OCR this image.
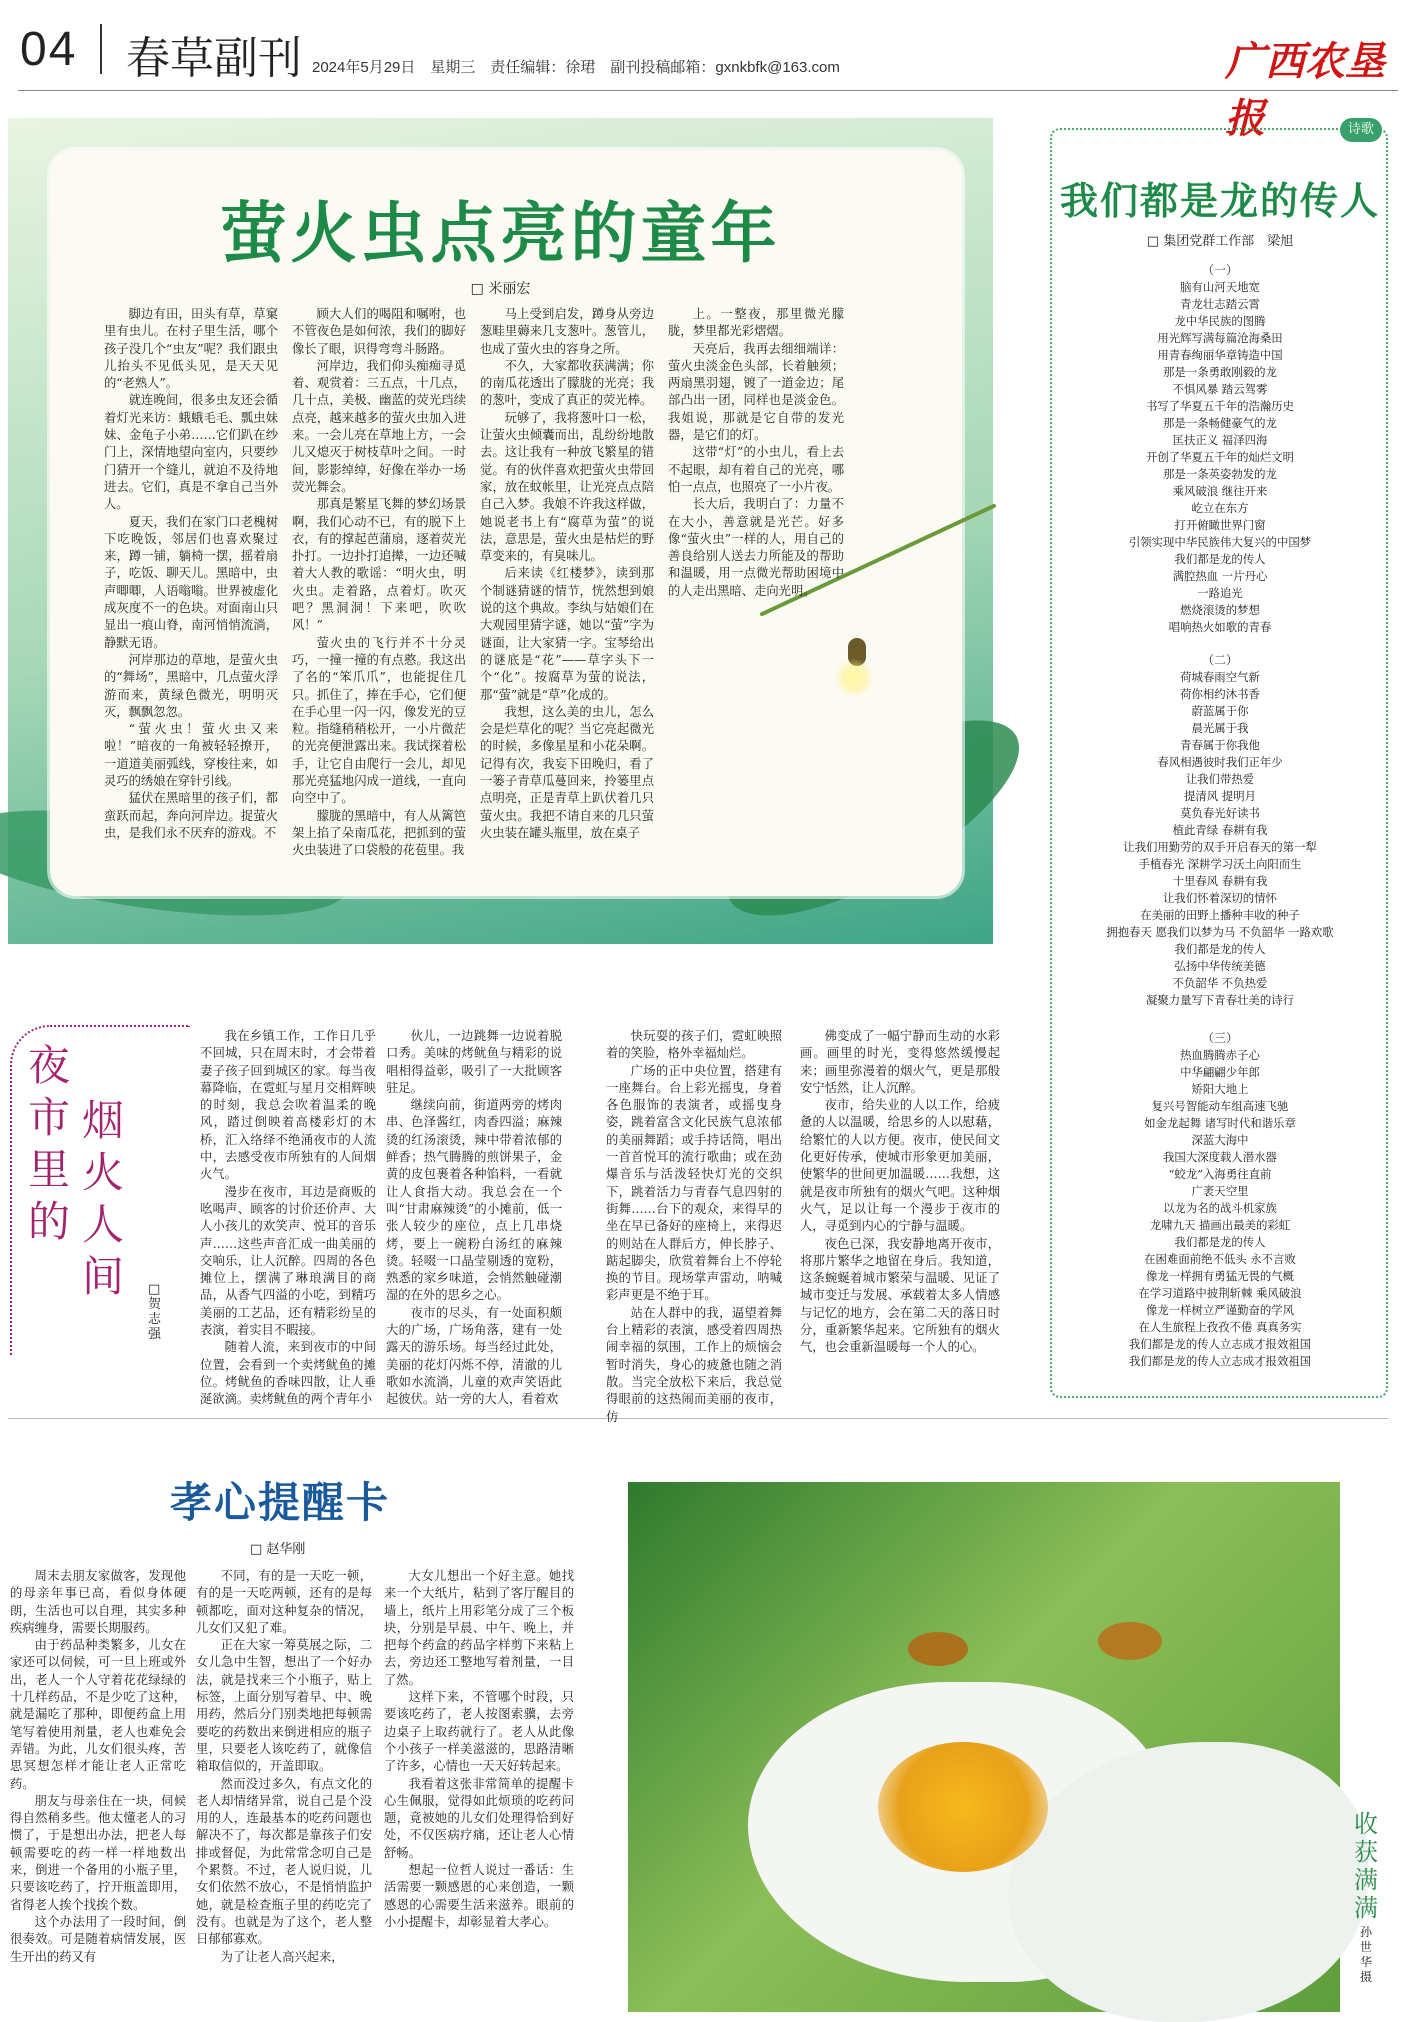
04 春草副刊 2024年5月29日　星期三　责任编辑：徐珺　副刊投稿邮箱：gxnkbfk@163.com	广西农垦报
萤火虫点亮的童年
□ 米丽宏

脚边有田，田头有草，草窠里有虫儿。在村子里生活，哪个孩子没几个“虫友”呢？我们跟虫儿抬头不见低头见，是天天见的“老熟人”。

就连晚间，很多虫友还会循着灯光来访：蛾蛾毛毛、瓢虫妹妹、金龟子小弟……它们趴在纱门上，深情地望向室内，只要纱门猜开一个缝儿，就迫不及待地进去。它们，真是不拿自己当外人。

夏天，我们在家门口老槐树下吃晚饭，邻居们也喜欢聚过来，蹲一铺，躺椅一摆，摇着扇子，吃饭、聊天儿。黑暗中，虫声唧唧，人语嗡嗡。世界被虚化成灰度不一的色块。对面南山只显出一痕山脊，南河悄悄流淌，静默无语。

河岸那边的草地，是萤火虫的“舞场”，黑暗中，几点萤火浮游而来，黄绿色微光，明明灭灭，飘飘忽忽。

“萤火虫！萤火虫又来啦！”暗夜的一角被轻轻撩开，一道道美丽弧线，穿梭往来，如灵巧的绣娘在穿针引线。

猛伏在黑暗里的孩子们，都蛮跃而起，奔向河岸边。捉萤火虫，是我们永不厌弃的游戏。不

顾大人们的喝阻和嘱咐，也不管夜色是如何浓，我们的脚好像长了眼，识得弯弯斗肠路。

河岸边，我们仰头痴痴寻觅着、观赏着：三五点，十几点，几十点，美极、幽蓝的荧光珰续点亮，越来越多的萤火虫加入进来。一会儿亮在草地上方，一会儿又熄灭于树枝草叶之间。一时间，影影绰绰，好像在举办一场荧光舞会。

那真是繁星飞舞的梦幻场景啊，我们心动不已，有的脱下上衣，有的撑起芭蒲扇，逐着荧光扑打。一边扑打追撵，一边还喊着大人教的歌谣：“明火虫，明火虫。走着路，点着灯。吹灭吧？黑洞洞！下来吧，吹吹风！”

萤火虫的飞行并不十分灵巧，一撞一撞的有点憨。我这出了名的“笨爪爪”，也能捉住几只。抓住了，捧在手心，它们便在手心里一闪一闪，像发光的豆粒。指缝稍稍松开，一小片微茫的光亮便泄露出来。我试探着松手，让它自由爬行一会儿，却见那光亮猛地闪成一道线，一直向向空中了。

朦胧的黑暗中，有人从篱笆架上掐了朵南瓜花，把抓到的萤火虫装进了口袋般的花苞里。我

马上受到启发，蹲身从旁边葱畦里薅来几支葱叶。葱管儿，也成了萤火虫的容身之所。

不久，大家都收获满满；你的南瓜花透出了朦胧的光亮；我的葱叶，变成了真正的荧光棒。

玩够了，我将葱叶口一松，让萤火虫倾囊而出，乱纷纷地散去。这让我有一种放飞繁星的错觉。有的伙伴喜欢把萤火虫带回家，放在蚊帐里，让光亮点点陪自己入梦。我娘不许我这样做，她说老书上有“腐草为萤”的说法，意思是，萤火虫是枯烂的野草变来的，有臭味儿。

后来读《红楼梦》，读到那个制谜猜谜的情节，恍然想到娘说的这个典故。李纨与姑娘们在大观园里猜字谜，她以“萤”字为谜面，让大家猜一字。宝琴给出的谜底是“花”——草字头下一个“化”。按腐草为萤的说法，那“萤”就是“草”化成的。

我想，这么美的虫儿，怎么会是烂草化的呢？当它亮起微光的时候，多像星星和小花朵啊。记得有次，我妄下田晚归，看了一篓子青草瓜蔓回来，拎篓里点点明亮，正是青草上趴伏着几只萤火虫。我把不请自来的几只萤火虫装在罐头瓶里，放在桌子

上。一整夜，那里微光朦胧，梦里都光彩熠熠。

天亮后，我再去细细端详：萤火虫淡金色头部，长着触须；两扇黑羽翅，镀了一道金边；尾部凸出一团，同样也是淡金色。我姐说，那就是它自带的发光器，是它们的灯。

这带“灯”的小虫儿，看上去不起眼，却有着自己的光亮，哪怕一点点，也照亮了一小片夜。

长大后，我明白了：力量不在大小，善意就是光芒。好多像“萤火虫”一样的人，用自己的善良给别人送去力所能及的帮助和温暖，用一点微光帮助困境中的人走出黑暗、走向光明。

诗歌
我们都是龙的传人
□ 集团党群工作部　梁旭
（一）
脑有山河天地宽
青龙壮志踏云霄
龙中华民族的图腾
用光辉写满每篇沧海桑田
用青春绚丽华章铸造中国
那是一条勇敢刚毅的龙
不惧风暴 踏云驾雾
书写了华夏五千年的浩瀚历史
那是一条畅健豪气的龙
匡扶正义 福泽四海
开创了华夏五千年的灿烂文明
那是一条英姿勃发的龙
乘风破浪 继往开来
屹立在东方
打开俯瞰世界门窗
引领实现中华民族伟大复兴的中国梦
我们都是龙的传人
满腔热血 一片丹心
一路追光
燃烧滚烫的梦想
唱响热火如歌的青春
（二）
荷城春雨空气新
荷你相约沐书香
蔚蓝属于你
晨光属于我
青春属于你我他
春风相遇彼时我们正年少
让我们带热爱
提清风 提明月
莫负春光好读书
植此青绿 春耕有我
让我们用勤劳的双手开启春天的第一犁
手植春光 深耕学习沃土向阳而生
十里春风 春耕有我
让我们怀着深切的情怀
在美丽的田野上播种丰收的种子
拥抱春天 愿我们以梦为马 不负韶华 一路欢歌
我们都是龙的传人
弘扬中华传统美德
不负韶华 不负热爱
凝聚力量写下青春壮美的诗行
（三）
热血腾腾赤子心
中华翩翩少年郎
矫阳大地上
复兴号智能动车组高速飞驰
如金龙起舞 诸写时代和谐乐章
深蓝大海中
我国大深度载人潜水器
“蛟龙”入海勇往直前
广袤天空里
以龙为名的战斗机家族
龙啸九天 描画出最美的彩虹
我们都是龙的传人
在困难面前绝不低头 永不言败
像龙一样拥有勇猛无畏的气概
在学习道路中披荆斩棘 乘风破浪
像龙一样树立严谨勤奋的学风
在人生旅程上孜孜不倦 真真务实
我们都是龙的传人立志成才报效祖国
我们都是龙的传人立志成才报效祖国
夜市里的
烟火人间 □ 贺志强

我在乡镇工作，工作日几乎不回城，只在周末时，才会带着妻子孩子回到城区的家。每当夜幕降临，在霓虹与星月交相辉映的时刻，我总会吹着温柔的晚风，踏过倒映着高楼彩灯的木桥，汇入络绎不绝涌夜市的人流中，去感受夜市所独有的人间烟火气。

漫步在夜市，耳边是商贩的吆喝声、顾客的讨价还价声、大人小孩儿的欢笑声、悦耳的音乐声……这些声音汇成一曲美丽的交响乐，让人沉醉。四周的各色摊位上，摆满了琳琅满目的商品，从香气四溢的小吃，到精巧美丽的工艺品，还有精彩纷呈的表演，着实目不暇接。

随着人流，来到夜市的中间位置，会看到一个卖烤鱿鱼的摊位。烤鱿鱼的香味四散，让人垂涎欲滴。卖烤鱿鱼的两个青年小

伙儿，一边跳舞一边说着脱口秀。美味的烤鱿鱼与精彩的说唱相得益彰，吸引了一大批顾客驻足。

继续向前，街道两旁的烤肉串、色泽酱红，肉香四溢；麻辣烫的红汤滚烫，辣中带着浓郁的鲜香；热气腾腾的煎饼果子，金黄的皮包裹着各种馅料，一看就让人食指大动。我总会在一个叫“甘肃麻辣烫”的小摊前，低一张人较少的座位，点上几串烧烤，要上一碗粉白汤红的麻辣烫。轻啜一口晶莹剔透的宽粉，熟悉的家乡味道，会悄然触碰潮湿的在外的思乡之心。

夜市的尽头，有一处面积颇大的广场，广场角落，建有一处露天的游乐场。每当经过此处，美丽的花灯闪烁不停，清澈的儿歌如水流淌，儿童的欢声笑语此起彼伏。站一旁的大人，看着欢

快玩耍的孩子们，霓虹映照着的笑脸，格外幸福灿烂。

广场的正中央位置，搭建有一座舞台。台上彩光摇曳，身着各色服饰的表演者，或摇曳身姿，跳着富含文化民族气息浓郁的美丽舞蹈；或手持话筒，唱出一首首悦耳的流行歌曲；或在劲爆音乐与活泼轻快灯光的交织下，跳着活力与青春气息四射的街舞……台下的观众，来得早的坐在早已备好的座椅上，来得迟的则站在人群后方，伸长脖子、踮起脚尖，欣赏着舞台上不停轮换的节目。现场掌声雷动，呐喊彩声更是不绝于耳。

站在人群中的我，逼望着舞台上精彩的表演，感受着四周热闹幸福的氛围，工作上的烦恼会暂时消失，身心的疲惫也随之消散。当完全放松下来后，我总觉得眼前的这热闹而美丽的夜市，仿

佛变成了一幅宁静而生动的水彩画。画里的时光，变得悠然缓慢起来；画里弥漫着的烟火气，更是那般安宁恬然，让人沉醉。

夜市，给失业的人以工作，给疲惫的人以温暖，给思乡的人以慰藉，给繁忙的人以方便。夜市，使民间文化更好传承，使城市形象更加美丽，使繁华的世间更加温暖……我想，这就是夜市所独有的烟火气吧。这种烟火气，足以让每一个漫步于夜市的人，寻觅到内心的宁静与温暖。

夜色已深，我安静地离开夜市，将那片繁华之地留在身后。我知道，这条蜿蜒着城市繁荣与温暖、见证了城市变迁与发展、承载着太多人情感与记忆的地方，会在第二天的落日时分，重新繁华起来。它所独有的烟火气，也会重新温暖每一个人的心。

孝心提醒卡
□ 赵华刚

周末去朋友家做客，发现他的母亲年事已高，看似身体硬朗，生活也可以自理，其实多种疾病缠身，需要长期服药。

由于药品种类繁多，儿女在家还可以伺候，可一旦上班或外出，老人一个人守着花花绿绿的十几样药品，不是少吃了这种，就是漏吃了那种，即便药盒上用笔写着使用剂量，老人也难免会弄错。为此，儿女们很头疼，苦思冥想怎样才能让老人正常吃药。

朋友与母亲住在一块，伺候得自然稍多些。他太懂老人的习惯了，于是想出办法，把老人每顿需要吃的药一样一样地数出来，倒进一个备用的小瓶子里，只要该吃药了，拧开瓶盖即用，省得老人挨个找挨个数。

这个办法用了一段时间，倒很奏效。可是随着病情发展，医生开出的药又有

不同，有的是一天吃一顿，有的是一天吃两顿，还有的是每顿都吃，面对这种复杂的情况，儿女们又犯了难。

正在大家一筹莫展之际，二女儿急中生智，想出了一个好办法，就是找来三个小瓶子，贴上标签，上面分别写着早、中、晚用药，然后分门别类地把每顿需要吃的药数出来倒进相应的瓶子里，只要老人该吃药了，就像信箱取信似的，开盖即取。

然而没过多久，有点文化的老人却情绪异常，说自己是个没用的人，连最基本的吃药问题也解决不了，每次都是靠孩子们安排或督促，为此常常念叨自己是个累赘。不过，老人说归说，儿女们依然不放心，不是悄悄监护她，就是检查瓶子里的药吃完了没有。也就是为了这个，老人整日郁郁寡欢。

为了让老人高兴起来，

大女儿想出一个好主意。她找来一个大纸片，粘到了客厅醒目的墙上，纸片上用彩笔分成了三个板块，分别是早晨、中午、晚上，并把每个药盒的药品字样剪下来粘上去，旁边还工整地写着剂量，一目了然。

这样下来，不管哪个时段，只要该吃药了，老人按图索骥，去旁边桌子上取药就行了。老人从此像个小孩子一样美滋滋的，思路清晰了许多，心情也一天天好转起来。

我看着这张非常简单的提醒卡心生佩服，觉得如此烦琐的吃药问题，竟被她的儿女们处理得恰到好处，不仅医病疗痛，还让老人心情舒畅。

想起一位哲人说过一番话：生活需要一颗感恩的心来创造，一颗感恩的心需要生活来滋养。眼前的小小提醒卡，却彰显着大孝心。

收获满满
孙世华　摄
